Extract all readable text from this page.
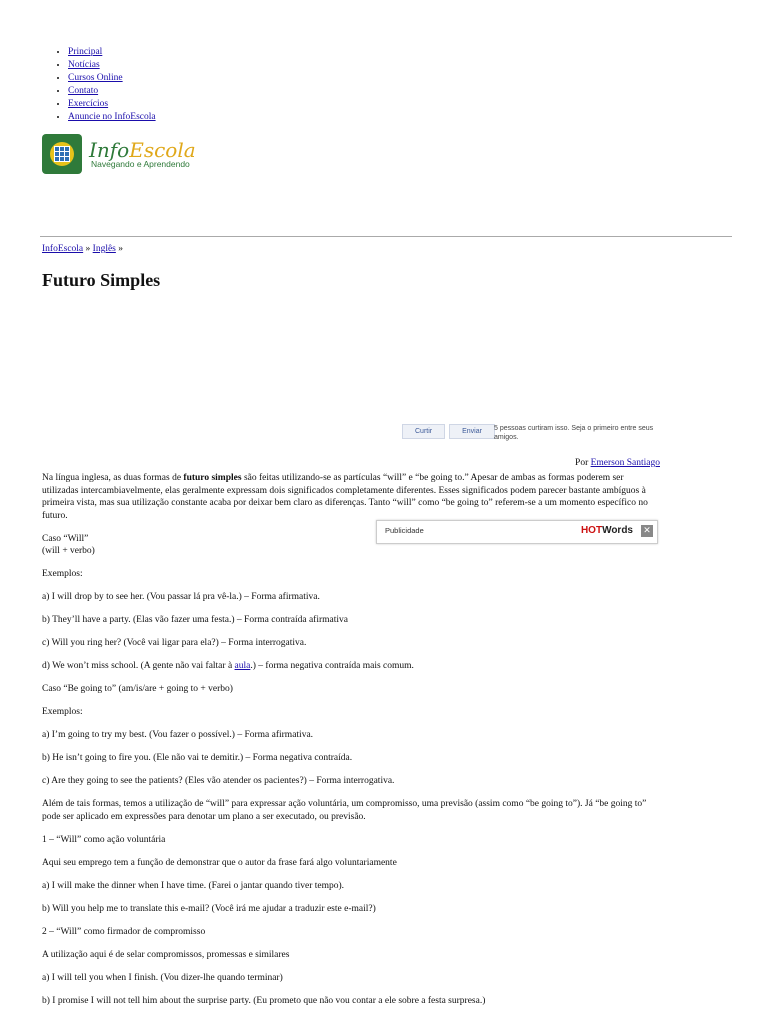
• Principal
• Notícias
• Cursos Online
• Contato
• Exercícios
• Anuncie no InfoEscola
InfoEscola
Navegando e Aprendendo
InfoEscola » Inglês »
Futuro Simples
Curtir	Enviar	5 pessoas curtiram isso. Seja o primeiro entre seus amigos.
Por Emerson Santiago

Na língua inglesa, as duas formas de futuro simples são feitas utilizando-se as partículas “will” e “be going to.” Apesar de ambas as formas poderem ser utilizadas intercambiavelmente, elas geralmente expressam dois significados completamente diferentes. Esses significados podem parecer bastante ambíguos à primeira vista, mas sua utilização constante acaba por deixar bem claro as diferenças. Tanto “will” como “be going to” referem-se a um momento específico no futuro.

Caso “Will”
(will + verbo)

Exemplos:

a) I will drop by to see her. (Vou passar lá pra vê-la.) – Forma afirmativa.

b) They’ll have a party. (Elas vão fazer uma festa.) – Forma contraída afirmativa

c) Will you ring her? (Você vai ligar para ela?) – Forma interrogativa.

d) We won’t miss school. (A gente não vai faltar à aula.) – forma negativa contraída mais comum.

Caso “Be going to” (am/is/are + going to + verbo)

Exemplos:

a) I’m going to try my best. (Vou fazer o possível.) – Forma afirmativa.

b) He isn’t going to fire you. (Ele não vai te demitir.) – Forma negativa contraída.

c) Are they going to see the patients? (Eles vão atender os pacientes?) – Forma interrogativa.

Além de tais formas, temos a utilização de “will” para expressar ação voluntária, um compromisso, uma previsão (assim como “be going to”). Já “be going to” pode ser aplicado em expressões para denotar um plano a ser executado, ou previsão.

1 – “Will” como ação voluntária

Aqui seu emprego tem a função de demonstrar que o autor da frase fará algo voluntariamente

a) I will make the dinner when I have time. (Farei o jantar quando tiver tempo).

b) Will you help me to translate this e-mail? (Você irá me ajudar a traduzir este e-mail?)

2 – “Will” como firmador de compromisso

A utilização aqui é de selar compromissos, promessas e similares

a) I will tell you when I finish. (Vou dizer-lhe quando terminar)

b) I promise I will not tell him about the surprise party. (Eu prometo que não vou contar a ele sobre a festa surpresa.)

Publicidade	HOTWords ✕
